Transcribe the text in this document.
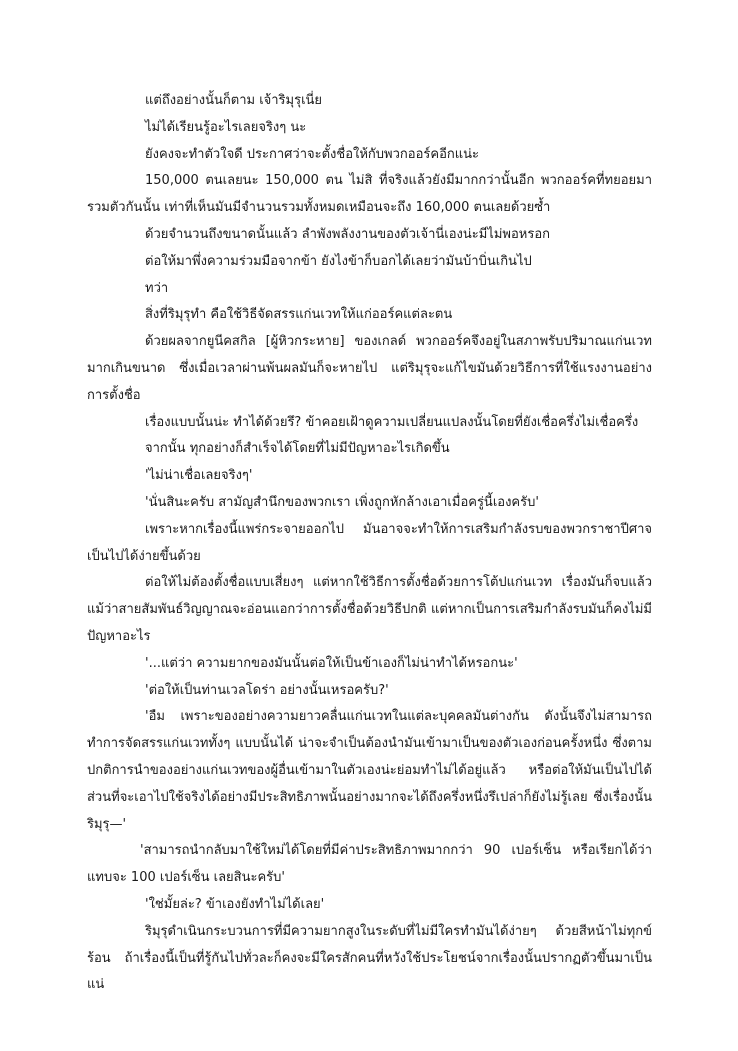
แต่ถึงอย่างนั้นก็ตาม เจ้าริมุรุเนี่ย

ไม่ได้เรียนรู้อะไรเลยจริงๆ นะ

ยังคงจะทำตัวใจดี ประกาศว่าจะตั้งชื่อให้กับพวกออร์คอีกแน่ะ

150,000 ตนเลยนะ 150,000 ตน ไม่สิ ที่จริงแล้วยังมีมากกว่านั้นอีก พวกออร์คที่ทยอยมารวมตัวกันนั้น เท่าที่เห็นมันมีจำนวนรวมทั้งหมดเหมือนจะถึง 160,000 ตนเลยด้วยซ้ำ

ด้วยจำนวนถึงขนาดนั้นแล้ว ลำพังพลังงานของตัวเจ้านี่เองน่ะมีไม่พอหรอก

ต่อให้มาพึ่งความร่วมมือจากข้า ยังไงข้าก็บอกได้เลยว่ามันบ้าบิ่นเกินไป

ทว่า

สิ่งที่ริมุรุทำ คือใช้วิธีจัดสรรแก่นเวทให้แก่ออร์คแต่ละตน

ด้วยผลจากยูนีคสกิล [ผู้หิวกระหาย] ของเกลด์ พวกออร์คจึงอยู่ในสภาพรับปริมาณแก่นเวทมากเกินขนาด ซึ่งเมื่อเวลาผ่านพ้นผลมันก็จะหายไป แต่ริมุรุจะแก้ไขมันด้วยวิธีการที่ใช้แรงงานอย่างการตั้งชื่อ

เรื่องแบบนั้นน่ะ ทำได้ด้วยรึ? ข้าคอยเฝ้าดูความเปลี่ยนแปลงนั้นโดยที่ยังเชื่อครึ่งไม่เชื่อครึ่ง

จากนั้น ทุกอย่างก็สำเร็จได้โดยที่ไม่มีปัญหาอะไรเกิดขึ้น

'ไม่น่าเชื่อเลยจริงๆ'

'นั่นสินะครับ สามัญสำนึกของพวกเรา เพิ่งถูกหักล้างเอาเมื่อครู่นี้เองครับ'

เพราะหากเรื่องนี้แพร่กระจายออกไป มันอาจจะทำให้การเสริมกำลังรบของพวกราชาปีศาจเป็นไปได้ง่ายขึ้นด้วย

ต่อให้ไม่ต้องตั้งชื่อแบบเสี่ยงๆ แต่หากใช้วิธีการตั้งชื่อด้วยการโต้ปแก่นเวท เรื่องมันก็จบแล้ว แม้ว่าสายสัมพันธ์วิญญาณจะอ่อนแอกว่าการตั้งชื่อด้วยวิธีปกติ แต่หากเป็นการเสริมกำลังรบมันก็คงไม่มีปัญหาอะไร

'...แต่ว่า ความยากของมันนั้นต่อให้เป็นข้าเองก็ไม่น่าทำได้หรอกนะ'

'ต่อให้เป็นท่านเวลโดร่า อย่างนั้นเหรอครับ?'

'อืม เพราะของอย่างความยาวคลื่นแก่นเวทในแต่ละบุคคลมันต่างกัน ดังนั้นจึงไม่สามารถทำการจัดสรรแก่นเวททั้งๆ แบบนั้นได้ น่าจะจำเป็นต้องนำมันเข้ามาเป็นของตัวเองก่อนครั้งหนึ่ง ซึ่งตามปกติการนำของอย่างแก่นเวทของผู้อื่นเข้ามาในตัวเองน่ะย่อมทำไม่ได้อยู่แล้ว หรือต่อให้มันเป็นไปได้ ส่วนที่จะเอาไปใช้จริงได้อย่างมีประสิทธิภาพนั้นอย่างมากจะได้ถึงครึ่งหนึ่งรึเปล่าก็ยังไม่รู้เลย ซึ่งเรื่องนั้นริมุรุ—'

'สามารถนำกลับมาใช้ใหม่ได้โดยที่มีค่าประสิทธิภาพมากกว่า 90 เปอร์เซ็น หรือเรียกได้ว่าแทบจะ 100 เปอร์เซ็น เลยสินะครับ'

'ใช่มั้ยล่ะ? ข้าเองยังทำไม่ได้เลย'

ริมุรุดำเนินกระบวนการที่มีความยากสูงในระดับที่ไม่มีใครทำมันได้ง่ายๆ ด้วยสีหน้าไม่ทุกข์ร้อน ถ้าเรื่องนี้เป็นที่รู้กันไปทั่วละก็คงจะมีใครสักคนที่หวังใช้ประโยชน์จากเรื่องนั้นปรากฏตัวขึ้นมาเป็นแน่
